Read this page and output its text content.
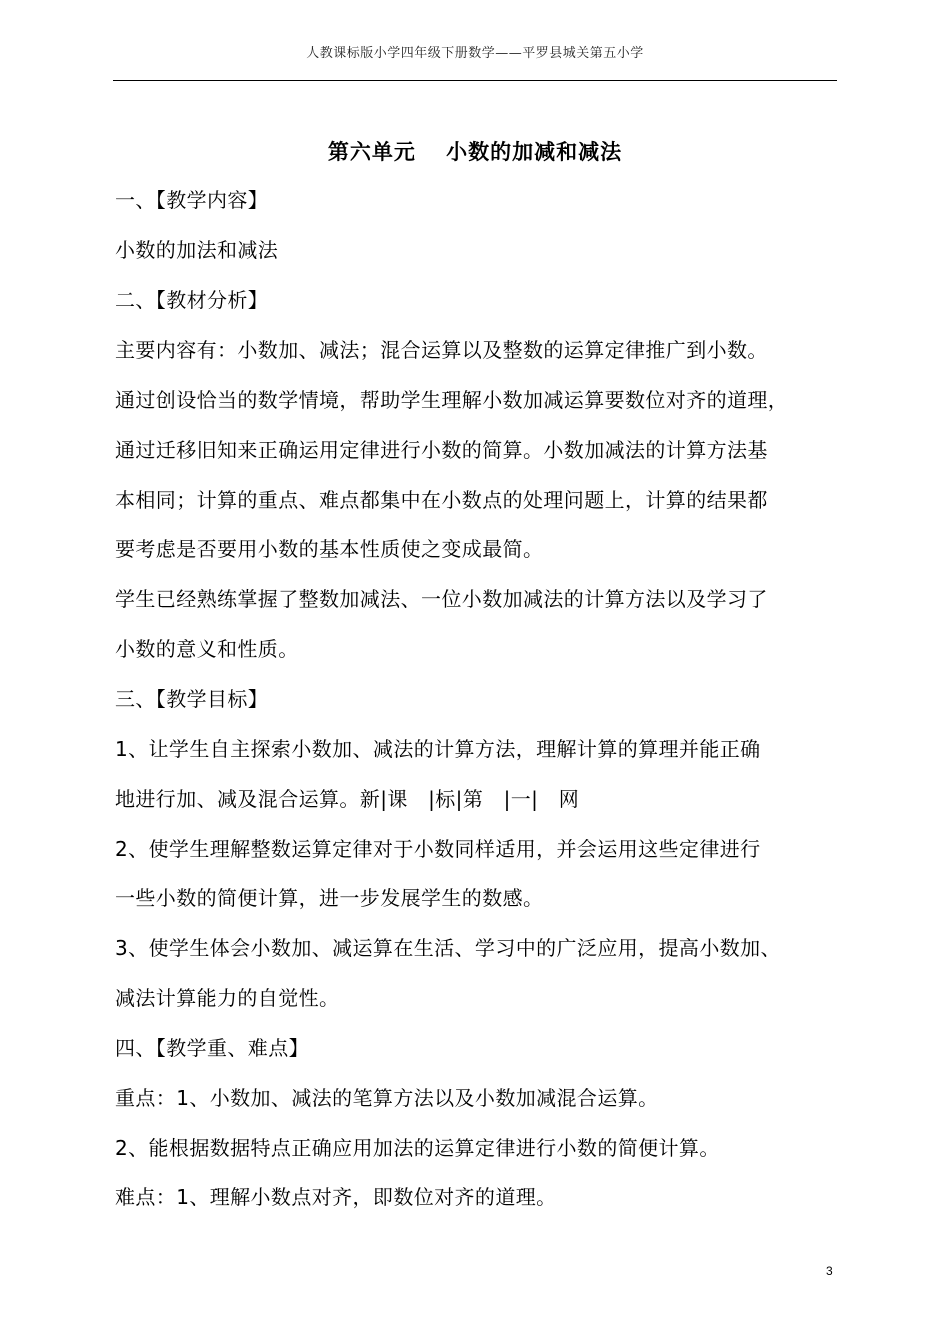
人教课标版小学四年级下册数学——平罗县城关第五小学
第六单元　 小数的加减和减法
一、【教学内容】
小数的加法和减法
二、【教材分析】
主要内容有：小数加、减法；混合运算以及整数的运算定律推广到小数。
通过创设恰当的数学情境，帮助学生理解小数加减运算要数位对齐的道理，
通过迁移旧知来正确运用定律进行小数的简算。小数加减法的计算方法基
本相同；计算的重点、难点都集中在小数点的处理问题上，计算的结果都
要考虑是否要用小数的基本性质使之变成最简。
学生已经熟练掌握了整数加减法、一位小数加减法的计算方法以及学习了
小数的意义和性质。
三、【教学目标】
1、让学生自主探索小数加、减法的计算方法，理解计算的算理并能正确
地进行加、减及混合运算。新|课　|标|第　|一|　网
2、使学生理解整数运算定律对于小数同样适用，并会运用这些定律进行
一些小数的简便计算，进一步发展学生的数感。
3、使学生体会小数加、减运算在生活、学习中的广泛应用，提高小数加、
减法计算能力的自觉性。
四、【教学重、难点】
重点：1、小数加、减法的笔算方法以及小数加减混合运算。
2、能根据数据特点正确应用加法的运算定律进行小数的简便计算。
难点：1、理解小数点对齐，即数位对齐的道理。
3
